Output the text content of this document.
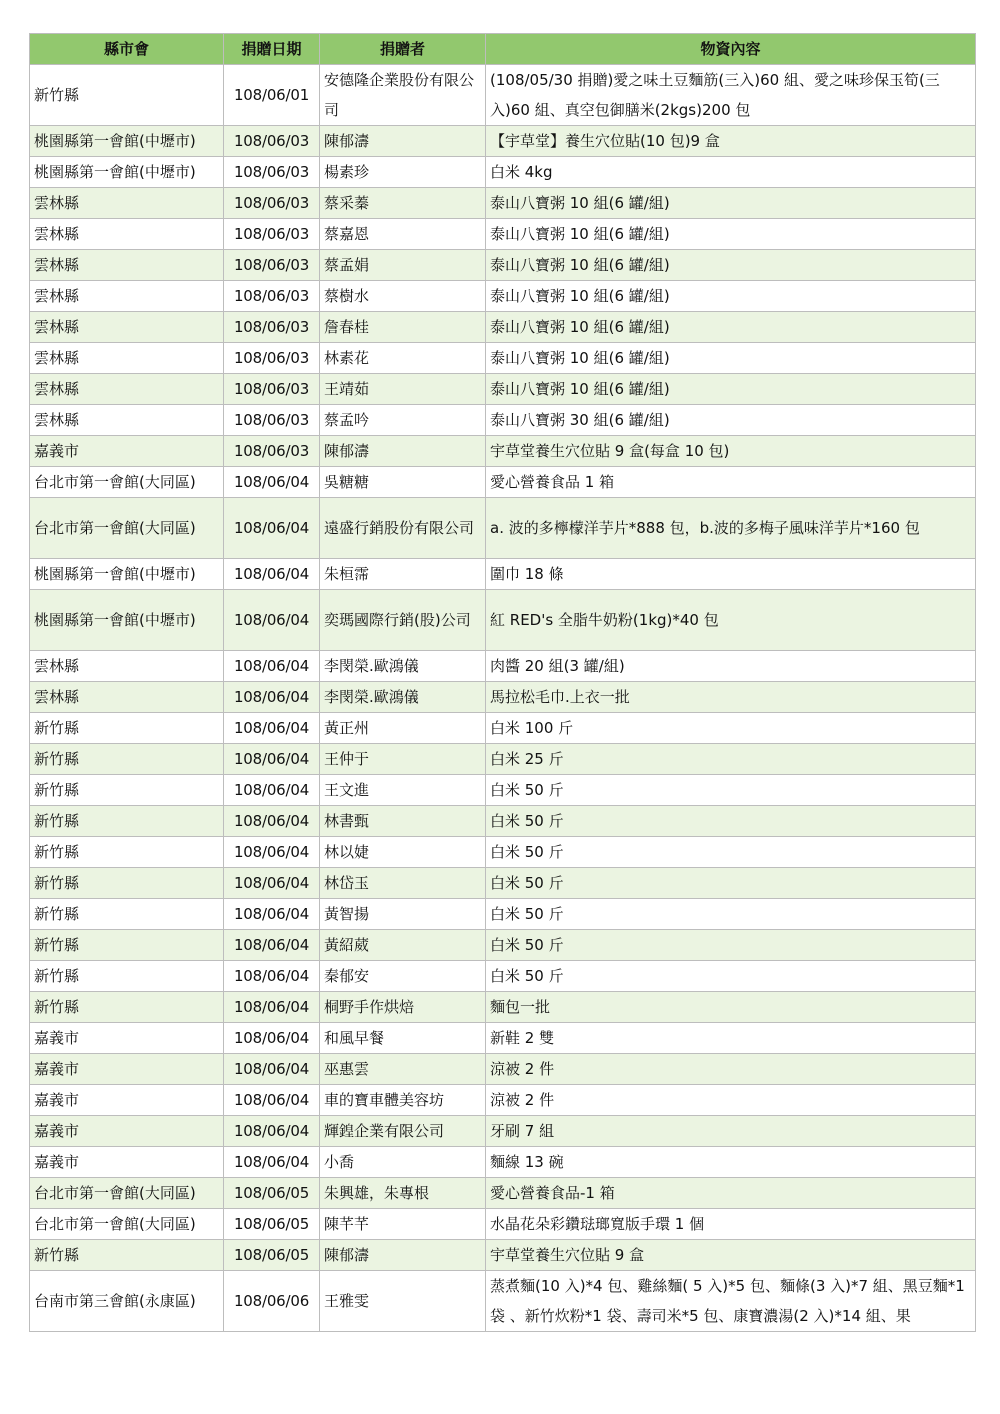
縣市會	捐贈日期	捐贈者	物資內容
新竹縣	108/06/01	安德隆企業股份有限公司	(108/05/30 捐贈)愛之味土豆麵筋(三入)60 組、愛之味珍保玉筍(三入)60 組、真空包御膳米(2kgs)200 包
桃園縣第一會館(中壢市)	108/06/03	陳郁濤	【宇草堂】養生穴位貼(10 包)9 盒
桃園縣第一會館(中壢市)	108/06/03	楊素珍	白米 4kg
雲林縣	108/06/03	蔡采蓁	泰山八寶粥 10 組(6 罐/組)
雲林縣	108/06/03	蔡嘉恩	泰山八寶粥 10 組(6 罐/組)
雲林縣	108/06/03	蔡孟娟	泰山八寶粥 10 組(6 罐/組)
雲林縣	108/06/03	蔡樹水	泰山八寶粥 10 組(6 罐/組)
雲林縣	108/06/03	詹春桂	泰山八寶粥 10 組(6 罐/組)
雲林縣	108/06/03	林素花	泰山八寶粥 10 組(6 罐/組)
雲林縣	108/06/03	王靖茹	泰山八寶粥 10 組(6 罐/組)
雲林縣	108/06/03	蔡孟吟	泰山八寶粥 30 組(6 罐/組)
嘉義市	108/06/03	陳郁濤	宇草堂養生穴位貼 9 盒(每盒 10 包)
台北市第一會館(大同區)	108/06/04	吳糖糖	愛心營養食品 1 箱
台北市第一會館(大同區)	108/06/04	遠盛行銷股份有限公司	a. 波的多檸檬洋芋片*888 包，b.波的多梅子風味洋芋片*160 包
桃園縣第一會館(中壢市)	108/06/04	朱桓霈	圍巾 18 條
桃園縣第一會館(中壢市)	108/06/04	奕瑪國際行銷(股)公司	紅 RED's 全脂牛奶粉(1kg)*40 包
雲林縣	108/06/04	李閔榮.歐鴻儀	肉醬 20 組(3 罐/組)
雲林縣	108/06/04	李閔榮.歐鴻儀	馬拉松毛巾.上衣一批
新竹縣	108/06/04	黃正州	白米 100 斤
新竹縣	108/06/04	王仲于	白米 25 斤
新竹縣	108/06/04	王文進	白米 50 斤
新竹縣	108/06/04	林書甄	白米 50 斤
新竹縣	108/06/04	林以婕	白米 50 斤
新竹縣	108/06/04	林岱玉	白米 50 斤
新竹縣	108/06/04	黃智揚	白米 50 斤
新竹縣	108/06/04	黃紹葳	白米 50 斤
新竹縣	108/06/04	秦郁安	白米 50 斤
新竹縣	108/06/04	桐野手作烘焙	麵包一批
嘉義市	108/06/04	和風早餐	新鞋 2 雙
嘉義市	108/06/04	巫惠雲	涼被 2 件
嘉義市	108/06/04	車的寶車體美容坊	涼被 2 件
嘉義市	108/06/04	輝鍠企業有限公司	牙刷 7 組
嘉義市	108/06/04	小喬	麵線 13 碗
台北市第一會館(大同區)	108/06/05	朱興雄，朱專根	愛心營養食品-1 箱
台北市第一會館(大同區)	108/06/05	陳芊芊	水晶花朵彩鑽琺瑯寬版手環 1 個
新竹縣	108/06/05	陳郁濤	宇草堂養生穴位貼 9 盒
台南市第三會館(永康區)	108/06/06	王雅雯	蒸煮麵(10 入)*4 包、雞絲麵( 5 入)*5 包、麵條(3 入)*7 組、黑豆麵*1 袋 、新竹炊粉*1 袋、壽司米*5 包、康寶濃湯(2 入)*14 組、果
